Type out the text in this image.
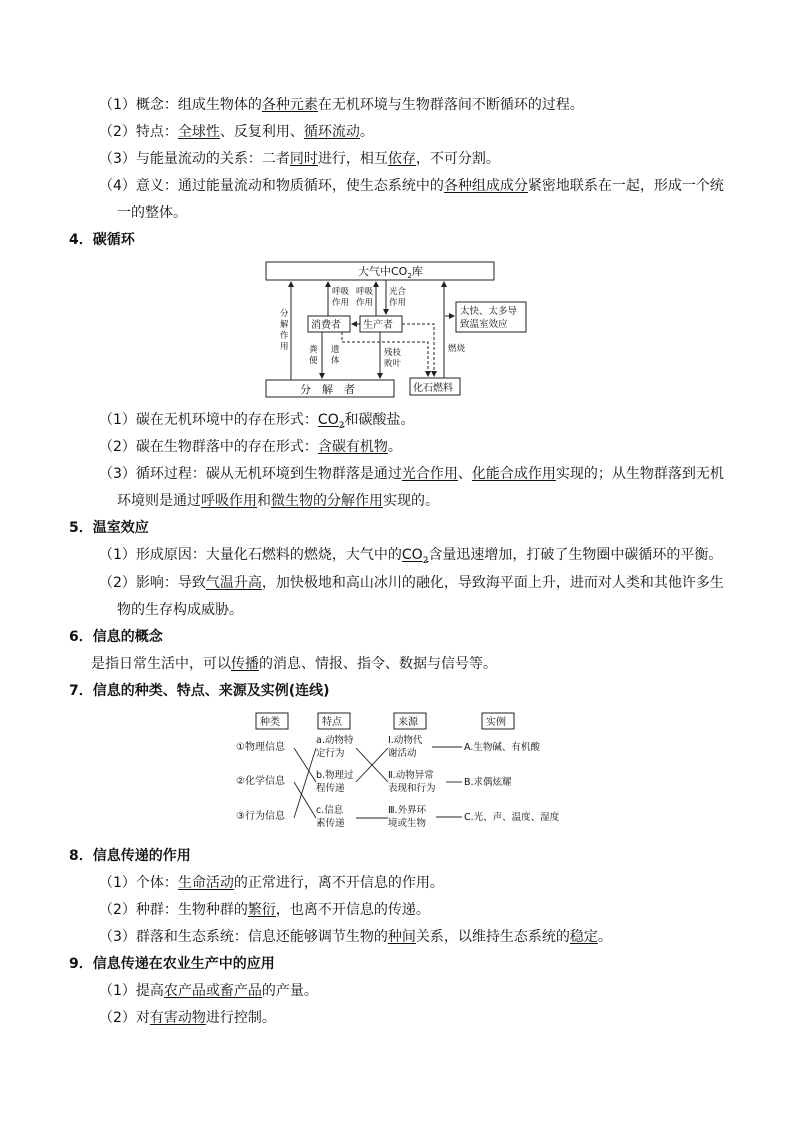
（1）概念：组成生物体的各种元素在无机环境与生物群落间不断循环的过程。
（2）特点：全球性、反复利用、循环流动。
（3）与能量流动的关系：二者同时进行，相互依存，不可分割。
（4）意义：通过能量流动和物质循环，使生态系统中的各种组成成分紧密地联系在一起，形成一个统
一的整体。
4．碳循环
大气中$CO_2$库
分　解　者	化石燃料
消费者 生产者
太快、太多导
致温室效应
分
解
作
用
呼吸
作用
呼吸
作用
光合
作用
燃烧
粪
便
遗
体
残枝
败叶
（1）碳在无机环境中的存在形式：$CO_2$和碳酸盐。
（2）碳在生物群落中的存在形式：含碳有机物。
（3）循环过程：碳从无机环境到生物群落是通过光合作用、化能合成作用实现的；从生物群落到无机
环境则是通过呼吸作用和微生物的分解作用实现的。
5．温室效应
（1）形成原因：大量化石燃料的燃烧，大气中的$CO_2$含量迅速增加，打破了生物圈中碳循环的平衡。
（2）影响：导致气温升高，加快极地和高山冰川的融化，导致海平面上升，进而对人类和其他许多生
物的生存构成威胁。
6．信息的概念
是指日常生活中，可以传播的消息、情报、指令、数据与信号等。
7．信息的种类、特点、来源及实例(连线)
种类	特点	来源	实例
①物理信息
②化学信息
③行为信息
a.动物特
定行为
b.物理过
程传递
c.信息
素传递
Ⅰ.动物代
谢活动
Ⅱ.动物异常
表现和行为
Ⅲ.外界环
境或生物
A.生物碱、有机酸
B.求偶炫耀
C.光、声、温度、湿度
8．信息传递的作用
（1）个体：生命活动的正常进行，离不开信息的作用。
（2）种群：生物种群的繁衍，也离不开信息的传递。
（3）群落和生态系统：信息还能够调节生物的种间关系，以维持生态系统的稳定。
9．信息传递在农业生产中的应用
（1）提高农产品或畜产品的产量。
（2）对有害动物进行控制。
